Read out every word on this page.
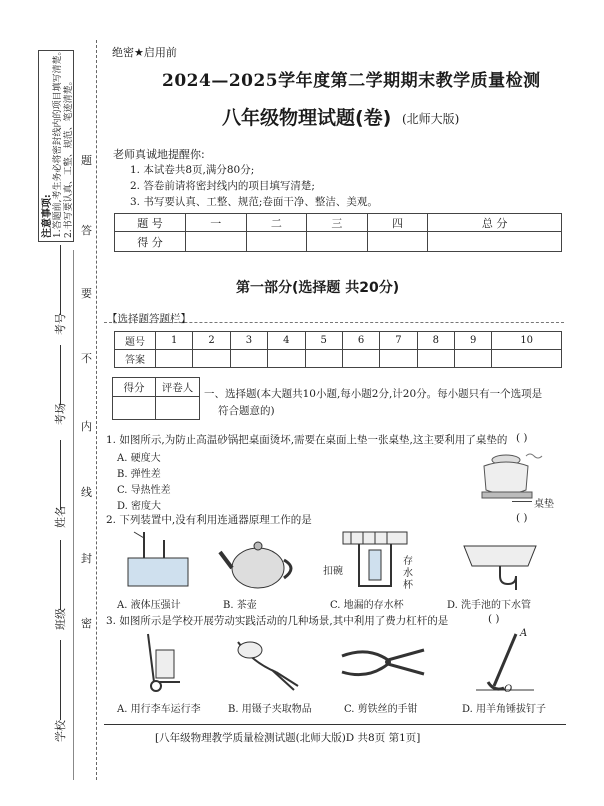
注意事项: 1.答题前,考生务必将密封线内的项目填写清楚。 2.书写要认真、工整、规范、笔迹清楚。 题
答
要
不
内
线
封
密
考号
考场
姓名
班级
学校
绝密★启用前
2024—2025学年度第二学期期末教学质量检测
八年级物理试题(卷) (北师大版)
老师真诚地提醒你:
1. 本试卷共8页,满分80分;
2. 答卷前请将密封线内的项目填写清楚;
3. 书写要认真、工整、规范;卷面干净、整洁、美观。
题 号	一	二	三	四	总 分
得 分					
第一部分(选择题 共20分)
【选择题答题栏】
题号	1	2	3	4	5	6	7	8	9	10
答案										
得分	评卷人

一、选择题(本大题共10小题,每小题2分,计20分。每小题只有一个选项是
符合题意的)
1. 如图所示,为防止高温砂锅把桌面烫坏,需要在桌面上垫一张桌垫,这主要利用了桌垫的 ( )
A. 硬度大
B. 弹性差
C. 导热性差
D. 密度大	桌垫
2. 下列装置中,没有利用连通器原理工作的是	( )
扣碗
存
水
杯
A. 液体压强计	B. 茶壶	C. 地漏的存水杯	D. 洗手池的下水管
3. 如图所示是学校开展劳动实践活动的几种场景,其中利用了费力杠杆的是	( )
A
O
A. 用行李车运行李	B. 用镊子夹取物品	C. 剪铁丝的手钳	D. 用羊角锤拔钉子
[八年级物理教学质量检测试题(北师大版)D 共8页 第1页]
